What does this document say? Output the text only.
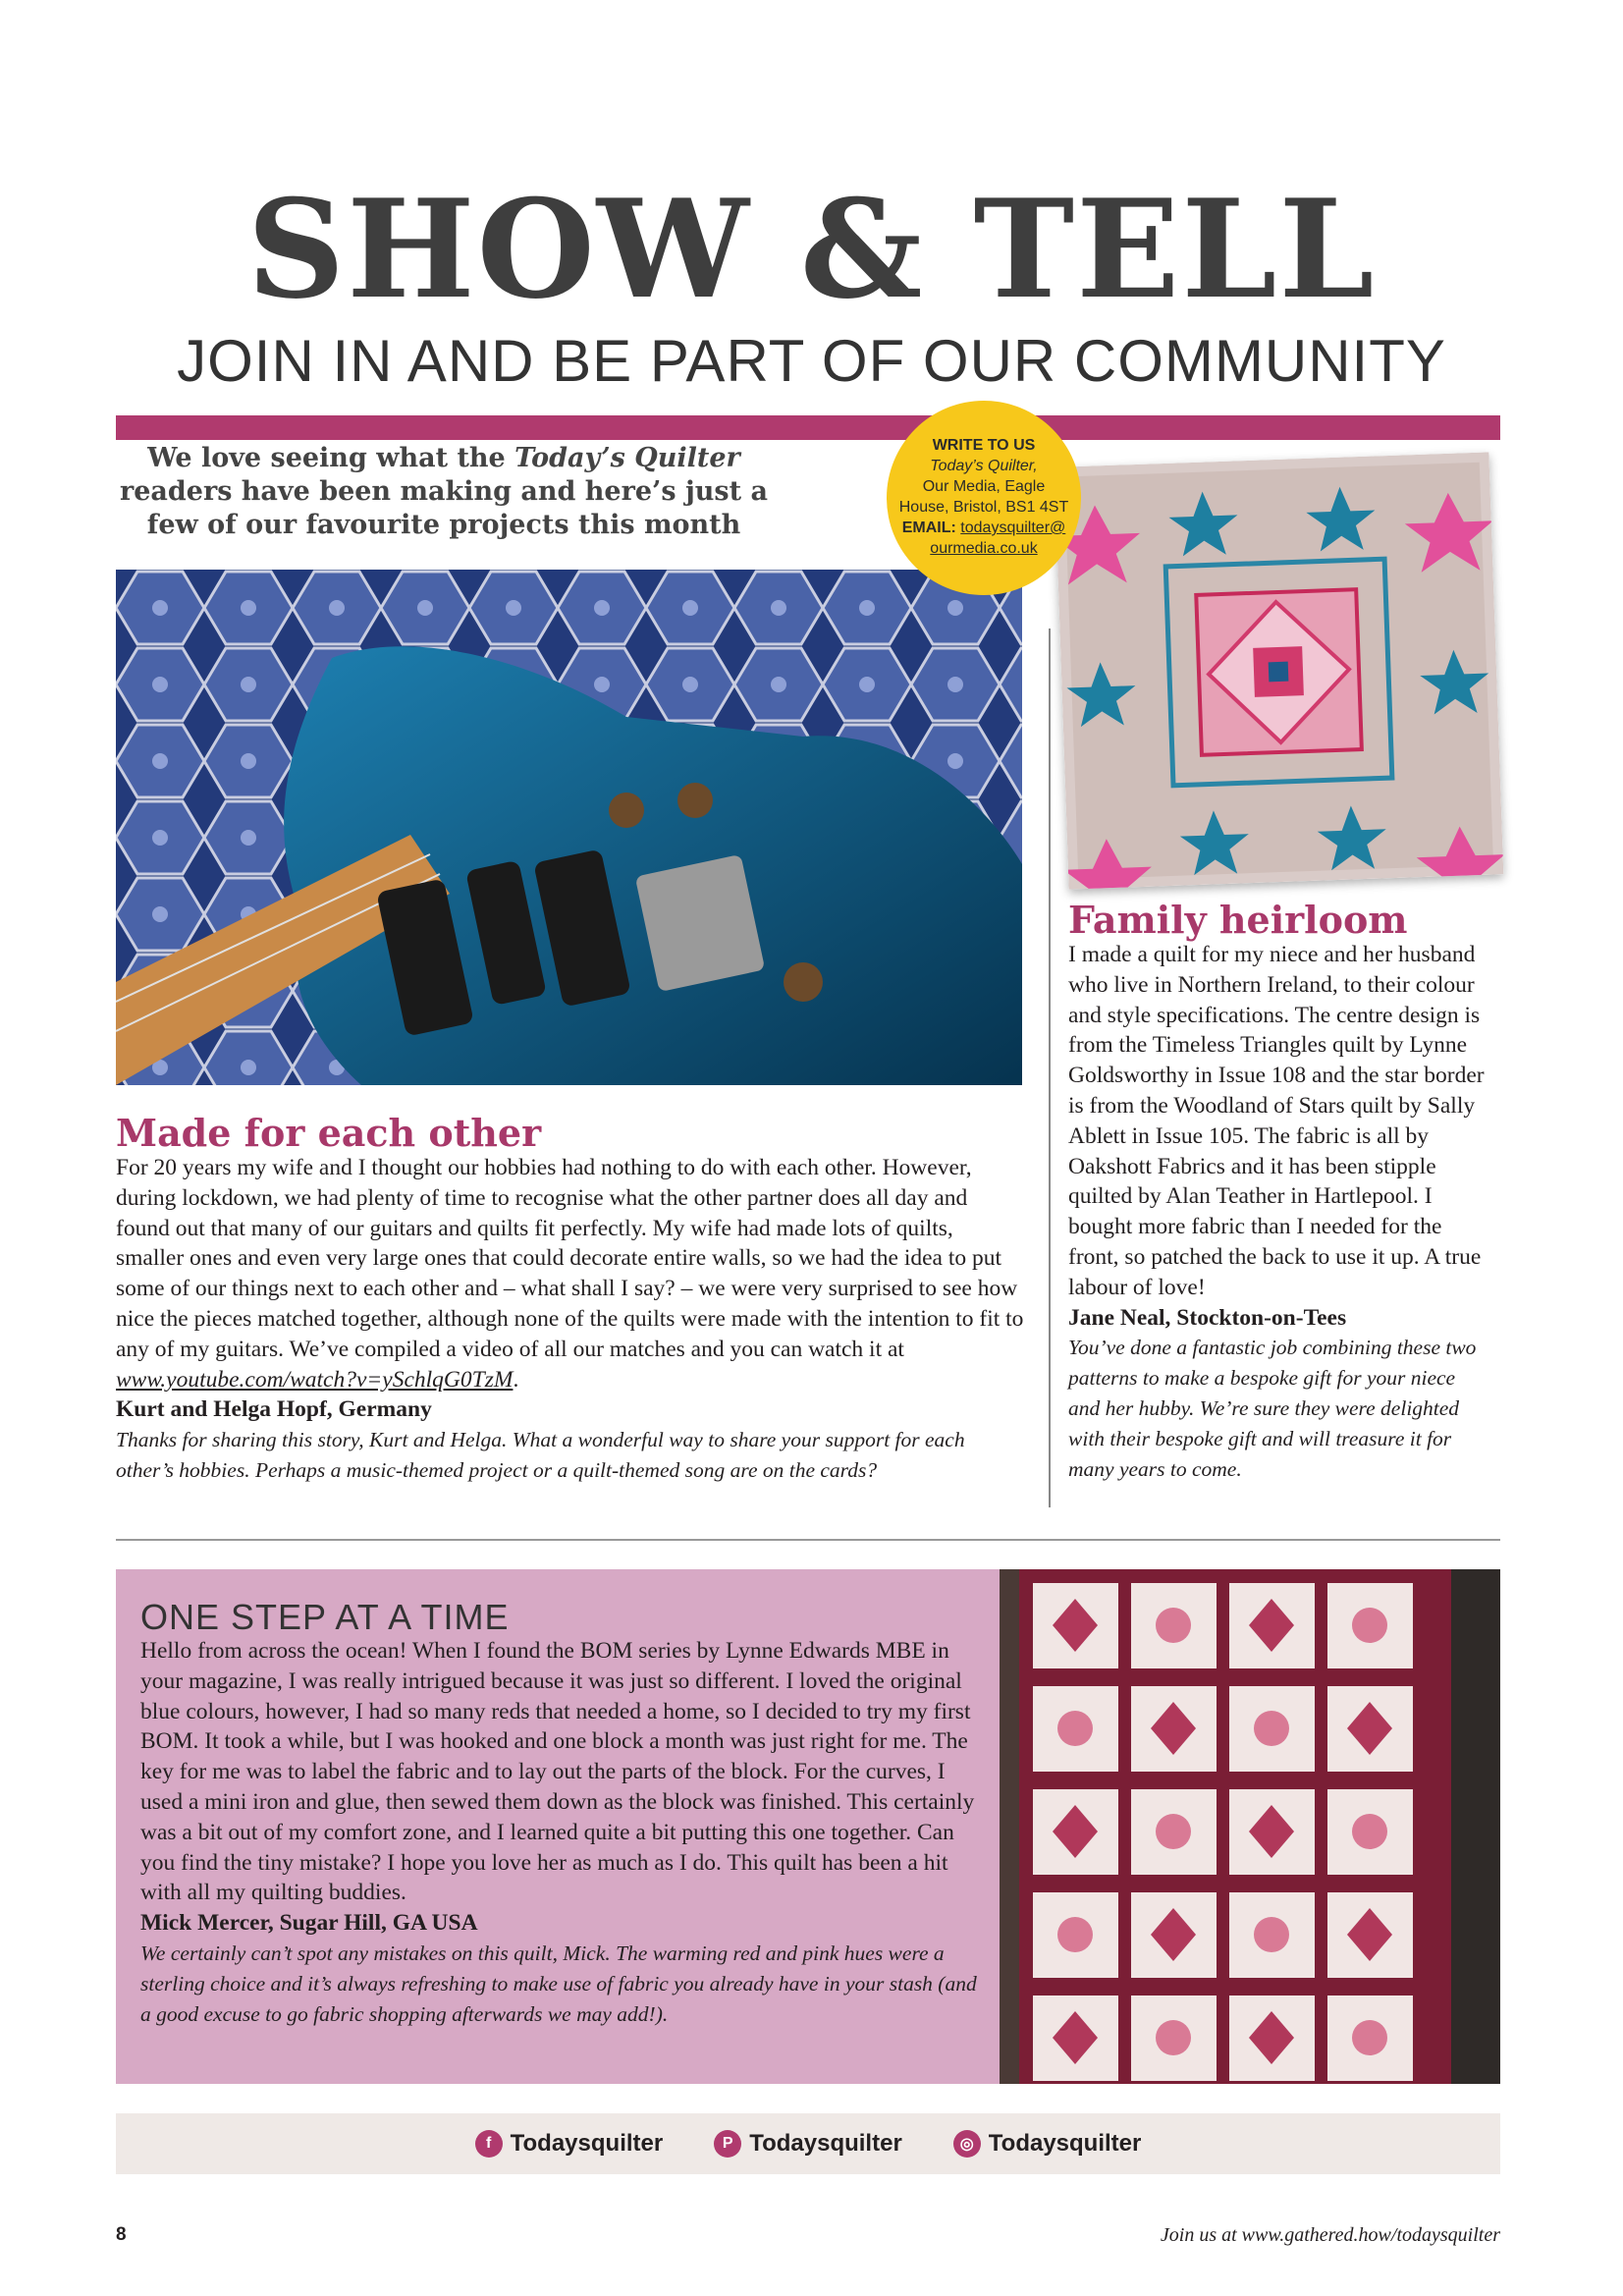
SHOW & TELL
JOIN IN AND BE PART OF OUR COMMUNITY
We love seeing what the Today’s Quilter readers have been making and here’s just a few of our favourite projects this month
WRITE TO US
Today’s Quilter,
Our Media, Eagle
House, Bristol, BS1 4ST
EMAIL: todaysquilter@
ourmedia.co.uk
Made for each other

For 20 years my wife and I thought our hobbies had nothing to do with each other. However, during lockdown, we had plenty of time to recognise what the other partner does all day and found out that many of our guitars and quilts fit perfectly. My wife had made lots of quilts, smaller ones and even very large ones that could decorate entire walls, so we had the idea to put some of our things next to each other and – what shall I say? – we were very surprised to see how nice the pieces matched together, although none of the quilts were made with the intention to fit to any of my guitars. We’ve compiled a video of all our matches and you can watch it at www.youtube.com/watch?v=ySchlqG0TzM.

Kurt and Helga Hopf, Germany

Thanks for sharing this story, Kurt and Helga. What a wonderful way to share your support for each other’s hobbies. Perhaps a music-themed project or a quilt-themed song are on the cards?

Family heirloom

I made a quilt for my niece and her husband who live in Northern Ireland, to their colour and style specifications. The centre design is from the Timeless Triangles quilt by Lynne Goldsworthy in Issue 108 and the star border is from the Woodland of Stars quilt by Sally Ablett in Issue 105. The fabric is all by Oakshott Fabrics and it has been stipple quilted by Alan Teather in Hartlepool. I bought more fabric than I needed for the front, so patched the back to use it up. A true labour of love!

Jane Neal, Stockton-on-Tees

You’ve done a fantastic job combining these two patterns to make a bespoke gift for your niece and her hubby. We’re sure they were delighted with their bespoke gift and will treasure it for many years to come.

ONE STEP AT A TIME

Hello from across the ocean! When I found the BOM series by Lynne Edwards MBE in your magazine, I was really intrigued because it was just so different. I loved the original blue colours, however, I had so many reds that needed a home, so I decided to try my first BOM. It took a while, but I was hooked and one block a month was just right for me. The key for me was to label the fabric and to lay out the parts of the block. For the curves, I used a mini iron and glue, then sewed them down as the block was finished. This certainly was a bit out of my comfort zone, and I learned quite a bit putting this one together. Can you find the tiny mistake? I hope you love her as much as I do. This quilt has been a hit with all my quilting buddies.

Mick Mercer, Sugar Hill, GA USA

We certainly can’t spot any mistakes on this quilt, Mick. The warming red and pink hues were a sterling choice and it’s always refreshing to make use of fabric you already have in your stash (and a good excuse to go fabric shopping afterwards we may add!).

f Todaysquilter	P Todaysquilter	◎ Todaysquilter
8	Join us at www.gathered.how/todaysquilter
